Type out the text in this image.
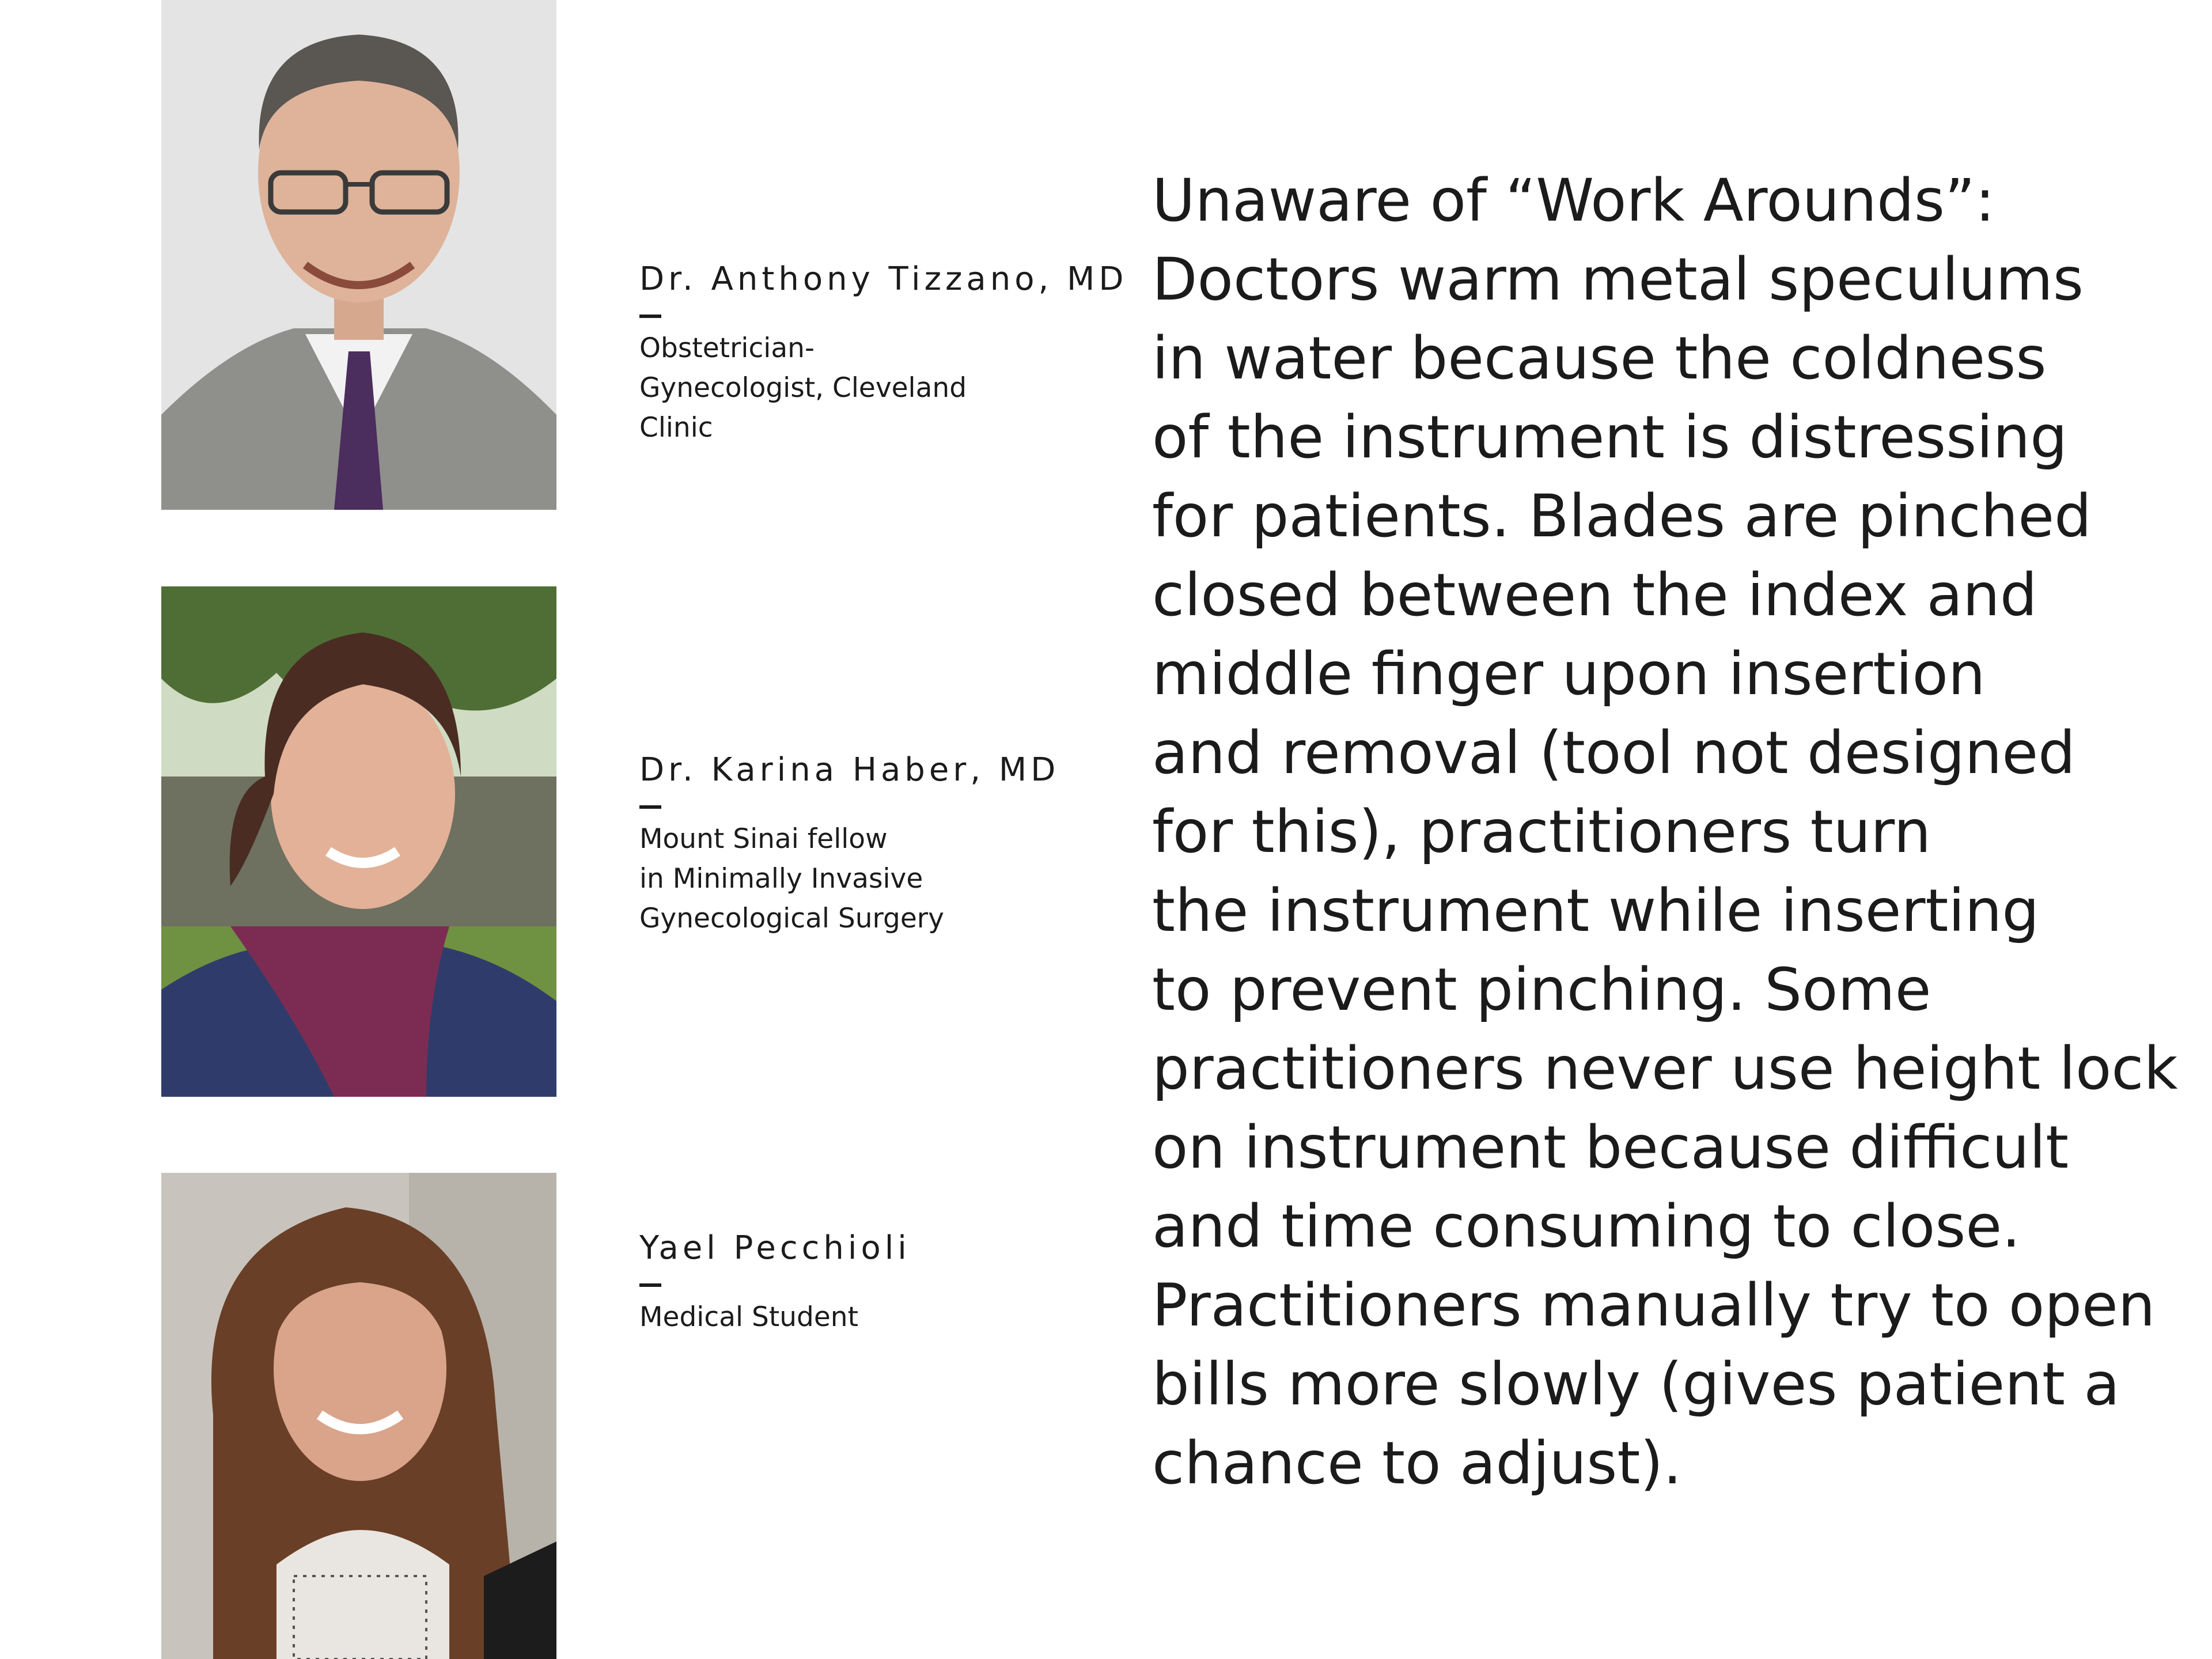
Dr. Anthony Tizzano, MD
Obstetrician-
Gynecologist, Cleveland
Clinic
Dr. Karina Haber, MD
Mount Sinai fellow
in Minimally Invasive
Gynecological Surgery
Yael Pecchioli
Medical Student
Unaware of “Work Arounds”:
Doctors warm metal speculums
in water because the coldness
of the instrument is distressing
for patients. Blades are pinched
closed between the index and
middle finger upon insertion
and removal (tool not designed
for this), practitioners turn
the instrument while inserting
to prevent pinching. Some
practitioners never use height lock
on instrument because difficult
and time consuming to close.
Practitioners manually try to open
bills more slowly (gives patient a
chance to adjust).
